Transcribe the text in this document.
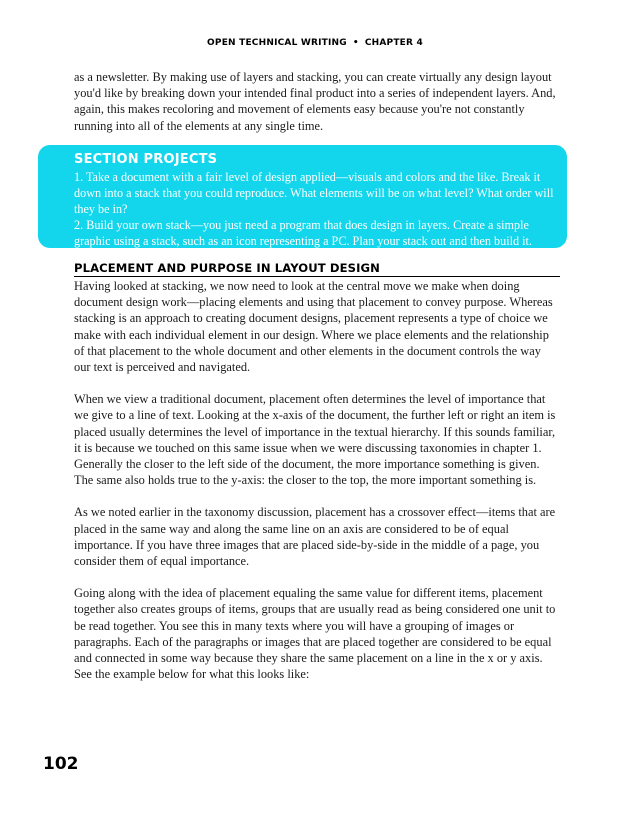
OPEN TECHNICAL WRITING • CHAPTER 4

as a newsletter. By making use of layers and stacking, you can create virtually any design layout you'd like by breaking down your intended final product into a series of independent layers. And, again, this makes recoloring and movement of elements easy because you're not constantly running into all of the elements at any single time.

SECTION PROJECTS

1. Take a document with a fair level of design applied—visuals and colors and the like. Break it down into a stack that you could reproduce. What elements will be on what level? What order will they be in?

2. Build your own stack—you just need a program that does design in layers. Create a simple graphic using a stack, such as an icon representing a PC. Plan your stack out and then build it.

PLACEMENT AND PURPOSE IN LAYOUT DESIGN

Having looked at stacking, we now need to look at the central move we make when doing document design work—placing elements and using that placement to convey purpose. Whereas stacking is an approach to creating document designs, placement represents a type of choice we make with each individual element in our design. Where we place elements and the relationship of that placement to the whole document and other elements in the document controls the way our text is perceived and navigated.

When we view a traditional document, placement often determines the level of importance that we give to a line of text. Looking at the x-axis of the document, the further left or right an item is placed usually determines the level of importance in the textual hierarchy. If this sounds familiar, it is because we touched on this same issue when we were discussing taxonomies in chapter 1. Generally the closer to the left side of the document, the more importance something is given. The same also holds true to the y-axis: the closer to the top, the more important something is.

As we noted earlier in the taxonomy discussion, placement has a crossover effect—items that are placed in the same way and along the same line on an axis are considered to be of equal importance. If you have three images that are placed side-by-side in the middle of a page, you consider them of equal importance.

Going along with the idea of placement equaling the same value for different items, placement together also creates groups of items, groups that are usually read as being considered one unit to be read together. You see this in many texts where you will have a grouping of images or paragraphs. Each of the paragraphs or images that are placed together are considered to be equal and connected in some way because they share the same placement on a line in the x or y axis. See the example below for what this looks like:

102
